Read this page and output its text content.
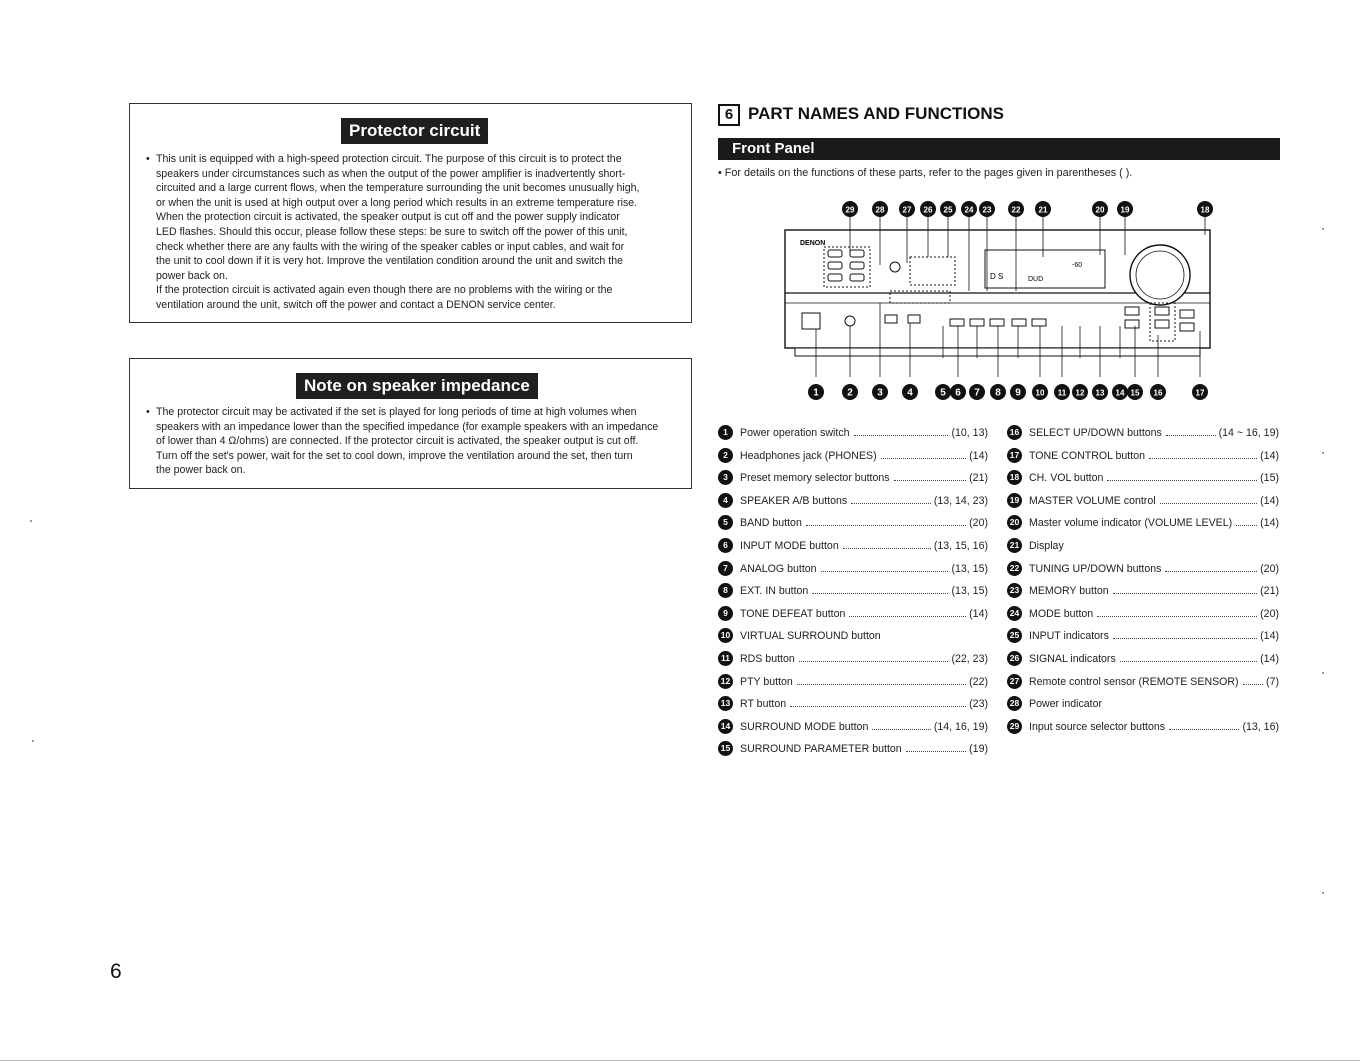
Protector circuit
• This unit is equipped with a high-speed protection circuit. The purpose of this circuit is to protect the
speakers under circumstances such as when the output of the power amplifier is inadvertently short-
circuited and a large current flows, when the temperature surrounding the unit becomes unusually high,
or when the unit is used at high output over a long period which results in an extreme temperature rise.
When the protection circuit is activated, the speaker output is cut off and the power supply indicator
LED flashes. Should this occur, please follow these steps: be sure to switch off the power of this unit,
check whether there are any faults with the wiring of the speaker cables or input cables, and wait for
the unit to cool down if it is very hot. Improve the ventilation condition around the unit and switch the
power back on.
If the protection circuit is activated again even though there are no problems with the wiring or the
ventilation around the unit, switch off the power and contact a DENON service center.
Note on speaker impedance
• The protector circuit may be activated if the set is played for long periods of time at high volumes when
speakers with an impedance lower than the specified impedance (for example speakers with an impedance
of lower than 4 Ω/ohms) are connected. If the protector circuit is activated, the speaker output is cut off.
Turn off the set's power, wait for the set to cool down, improve the ventilation around the set, then turn
the power back on.
6 PART NAMES AND FUNCTIONS
Front Panel
• For details on the functions of these parts, refer to the pages given in parentheses ( ).
DENON
D S	DUD
-60
29	28 27 26 25 24 23	22 21	20 19	18
1	2 3 4	5 6 7 8 9 10 11 12 13 14 15 16	17
1	Power operation switch	(10, 13)
2	Headphones jack (PHONES)	(14)
3	Preset memory selector buttons	(21)
4	SPEAKER A/B buttons	(13, 14, 23)
5	BAND button	(20)
6	INPUT MODE button	(13, 15, 16)
7	ANALOG button	(13, 15)
8	EXT. IN button	(13, 15)
9	TONE DEFEAT button	(14)
10 VIRTUAL SURROUND button
11 RDS button	(22, 23)
12 PTY button	(22)
13 RT button	(23)
14 SURROUND MODE button	(14, 16, 19)
15 SURROUND PARAMETER button	(19)
16 SELECT UP/DOWN buttons	(14 ~ 16, 19)
17 TONE CONTROL button	(14)
18 CH. VOL button	(15)
19 MASTER VOLUME control	(14)
20 Master volume indicator (VOLUME LEVEL)	(14)
21 Display
22 TUNING UP/DOWN buttons	(20)
23 MEMORY button	(21)
24 MODE button	(20)
25 INPUT indicators	(14)
26 SIGNAL indicators	(14)
27 Remote control sensor (REMOTE SENSOR)	(7)
28 Power indicator
29 Input source selector buttons	(13, 16)
6
